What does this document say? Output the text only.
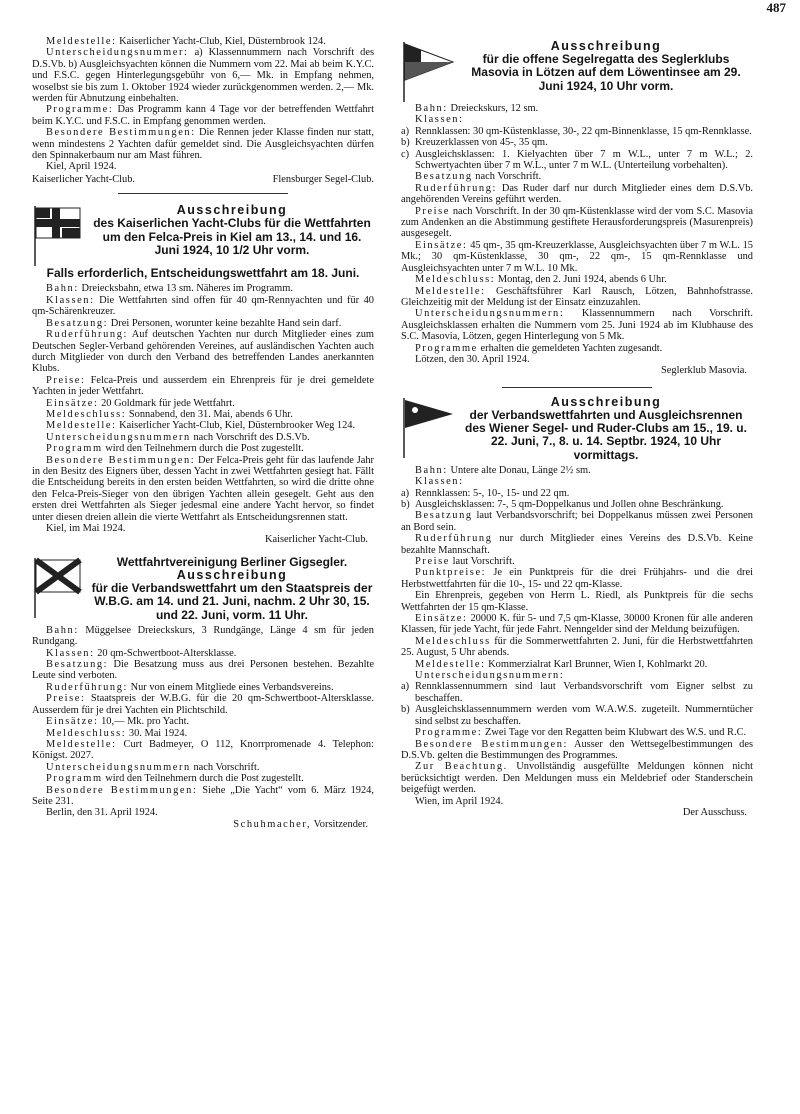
487

Meldestelle: Kaiserlicher Yacht-Club, Kiel, Düsternbrook 124.

Unterscheidungsnummer: a) Klassennummern nach Vorschrift des D.S.Vb. b) Ausgleichsyachten können die Nummern vom 22. Mai ab beim K.Y.C. und F.S.C. gegen Hinterlegungsgebühr von 6,— Mk. in Empfang nehmen, woselbst sie bis zum 1. Oktober 1924 wieder zurückgenommen werden. 2,— Mk. werden für Abnutzung einbehalten.

Programme: Das Programm kann 4 Tage vor der betreffenden Wettfahrt beim K.Y.C. und F.S.C. in Empfang genommen werden.

Besondere Bestimmungen: Die Rennen jeder Klasse finden nur statt, wenn mindestens 2 Yachten dafür gemeldet sind. Die Ausgleichsyachten dürfen den Spinnakerbaum nur am Mast führen.

Kiel, April 1924.

Kaiserlicher Yacht-Club.	Flensburger Segel-Club.
Ausschreibung
des Kaiserlichen Yacht-Clubs für die Wettfahrten um den Felca-Preis in Kiel am 13., 14. und 16. Juni 1924, 10 1/2 Uhr vorm.
Falls erforderlich, Entscheidungswettfahrt am 18. Juni.

Bahn: Dreiecksbahn, etwa 13 sm. Näheres im Programm.

Klassen: Die Wettfahrten sind offen für 40 qm-Rennyachten und für 40 qm-Schärenkreuzer.

Besatzung: Drei Personen, worunter keine bezahlte Hand sein darf.

Ruderführung: Auf deutschen Yachten nur durch Mitglieder eines zum Deutschen Segler-Verband gehörenden Vereines, auf ausländischen Yachten auch durch Mitglieder von durch den Verband des betreffenden Landes anerkannten Klubs.

Preise: Felca-Preis und ausserdem ein Ehrenpreis für je drei gemeldete Yachten in jeder Wettfahrt.

Einsätze: 20 Goldmark für jede Wettfahrt.

Meldeschluss: Sonnabend, den 31. Mai, abends 6 Uhr.

Meldestelle: Kaiserlicher Yacht-Club, Kiel, Düsternbrooker Weg 124.

Unterscheidungsnummern nach Vorschrift des D.S.Vb.

Programm wird den Teilnehmern durch die Post zugestellt.

Besondere Bestimmungen: Der Felca-Preis geht für das laufende Jahr in den Besitz des Eigners über, dessen Yacht in zwei Wettfahrten gesiegt hat. Fällt die Entscheidung bereits in den ersten beiden Wettfahrten, so wird die dritte ohne den Felca-Preis-Sieger von den übrigen Yachten allein gesegelt. Geht aus den ersten drei Wettfahrten als Sieger jedesmal eine andere Yacht hervor, so findet unter diesen dreien allein die vierte Wettfahrt als Entscheidungsrennen statt.

Kiel, im Mai 1924.

Kaiserlicher Yacht-Club.

Wettfahrtvereinigung Berliner Gigsegler.
Ausschreibung
für die Verbandswettfahrt um den Staatspreis der W.B.G. am 14. und 21. Juni, nachm. 2 Uhr 30, 15. und 22. Juni, vorm. 11 Uhr.

Bahn: Müggelsee Dreieckskurs, 3 Rundgänge, Länge 4 sm für jeden Rundgang.

Klassen: 20 qm-Schwertboot-Altersklasse.

Besatzung: Die Besatzung muss aus drei Personen bestehen. Bezahlte Leute sind verboten.

Ruderführung: Nur von einem Mitgliede eines Verbandsvereins.

Preise: Staatspreis der W.B.G. für die 20 qm-Schwertboot-Altersklasse. Ausserdem für je drei Yachten ein Plichtschild.

Einsätze: 10,— Mk. pro Yacht.

Meldeschluss: 30. Mai 1924.

Meldestelle: Curt Badmeyer, O 112, Knorrpromenade 4. Telephon: Königst. 2027.

Unterscheidungsnummern nach Vorschrift.

Programm wird den Teilnehmern durch die Post zugestellt.

Besondere Bestimmungen: Siehe „Die Yacht“ vom 6. März 1924, Seite 231.

Berlin, den 31. April 1924.

Schuhmacher, Vorsitzender.

Ausschreibung
für die offene Segelregatta des Seglerklubs Masovia in Lötzen auf dem Löwentinsee am 29. Juni 1924, 10 Uhr vorm.

Bahn: Dreieckskurs, 12 sm.

Klassen:

a) Rennklassen: 30 qm-Küstenklasse, 30-, 22 qm-Binnenklasse, 15 qm-Rennklasse.

b) Kreuzerklassen von 45-, 35 qm.

c) Ausgleichsklassen: 1. Kielyachten über 7 m W.L., unter 7 m W.L.; 2. Schwertyachten über 7 m W.L., unter 7 m W.L. (Unterteilung vorbehalten).

Besatzung nach Vorschrift.

Ruderführung: Das Ruder darf nur durch Mitglieder eines dem D.S.Vb. angehörenden Vereins geführt werden.

Preise nach Vorschrift. In der 30 qm-Küstenklasse wird der vom S.C. Masovia zum Andenken an die Abstimmung gestiftete Herausforderungspreis (Masurenpreis) ausgesegelt.

Einsätze: 45 qm-, 35 qm-Kreuzerklasse, Ausgleichsyachten über 7 m W.L. 15 Mk.; 30 qm-Küstenklasse, 30 qm-, 22 qm-, 15 qm-Rennklasse und Ausgleichsyachten unter 7 m W.L. 10 Mk.

Meldeschluss: Montag, den 2. Juni 1924, abends 6 Uhr.

Meldestelle: Geschäftsführer Karl Rausch, Lötzen, Bahnhofstrasse. Gleichzeitig mit der Meldung ist der Einsatz einzuzahlen.

Unterscheidungsnummern: Klassennummern nach Vorschrift. Ausgleichsklassen erhalten die Nummern vom 25. Juni 1924 ab im Klubhause des S.C. Masovia, Lötzen, gegen Hinterlegung von 5 Mk.

Programme erhalten die gemeldeten Yachten zugesandt.

Lötzen, den 30. April 1924.

Seglerklub Masovia.

Ausschreibung
der Verbandswettfahrten und Ausgleichsrennen des Wiener Segel- und Ruder-Clubs am 15., 19. u. 22. Juni, 7., 8. u. 14. Septbr. 1924, 10 Uhr vormittags.

Bahn: Untere alte Donau, Länge 2½ sm.

Klassen:

a) Rennklassen: 5-, 10-, 15- und 22 qm.

b) Ausgleichsklassen: 7-, 5 qm-Doppelkanus und Jollen ohne Beschränkung.

Besatzung laut Verbandsvorschrift; bei Doppelkanus müssen zwei Personen an Bord sein.

Ruderführung nur durch Mitglieder eines Vereins des D.S.Vb. Keine bezahlte Mannschaft.

Preise laut Vorschrift.

Punktpreise: Je ein Punktpreis für die drei Frühjahrs- und die drei Herbstwettfahrten für die 10-, 15- und 22 qm-Klasse.

Ein Ehrenpreis, gegeben von Herrn L. Riedl, als Punktpreis für die sechs Wettfahrten der 15 qm-Klasse.

Einsätze: 20000 K. für 5- und 7,5 qm-Klasse, 30000 Kronen für alle anderen Klassen, für jede Yacht, für jede Fahrt. Nenngelder sind der Meldung beizufügen.

Meldeschluss für die Sommerwettfahrten 2. Juni, für die Herbstwettfahrten 25. August, 5 Uhr abends.

Meldestelle: Kommerzialrat Karl Brunner, Wien I, Kohlmarkt 20.

Unterscheidungsnummern:

a) Rennklassennummern sind laut Verbandsvorschrift vom Eigner selbst zu beschaffen.

b) Ausgleichsklassennummern werden vom W.A.W.S. zugeteilt. Nummerntücher sind selbst zu beschaffen.

Programme: Zwei Tage vor den Regatten beim Klubwart des W.S. und R.C.

Besondere Bestimmungen: Ausser den Wettsegelbestimmungen des D.S.Vb. gelten die Bestimmungen des Programmes.

Zur Beachtung. Unvollständig ausgefüllte Meldungen können nicht berücksichtigt werden. Den Meldungen muss ein Meldebrief oder Standerschein beigefügt werden.

Wien, im April 1924.

Der Ausschuss.
